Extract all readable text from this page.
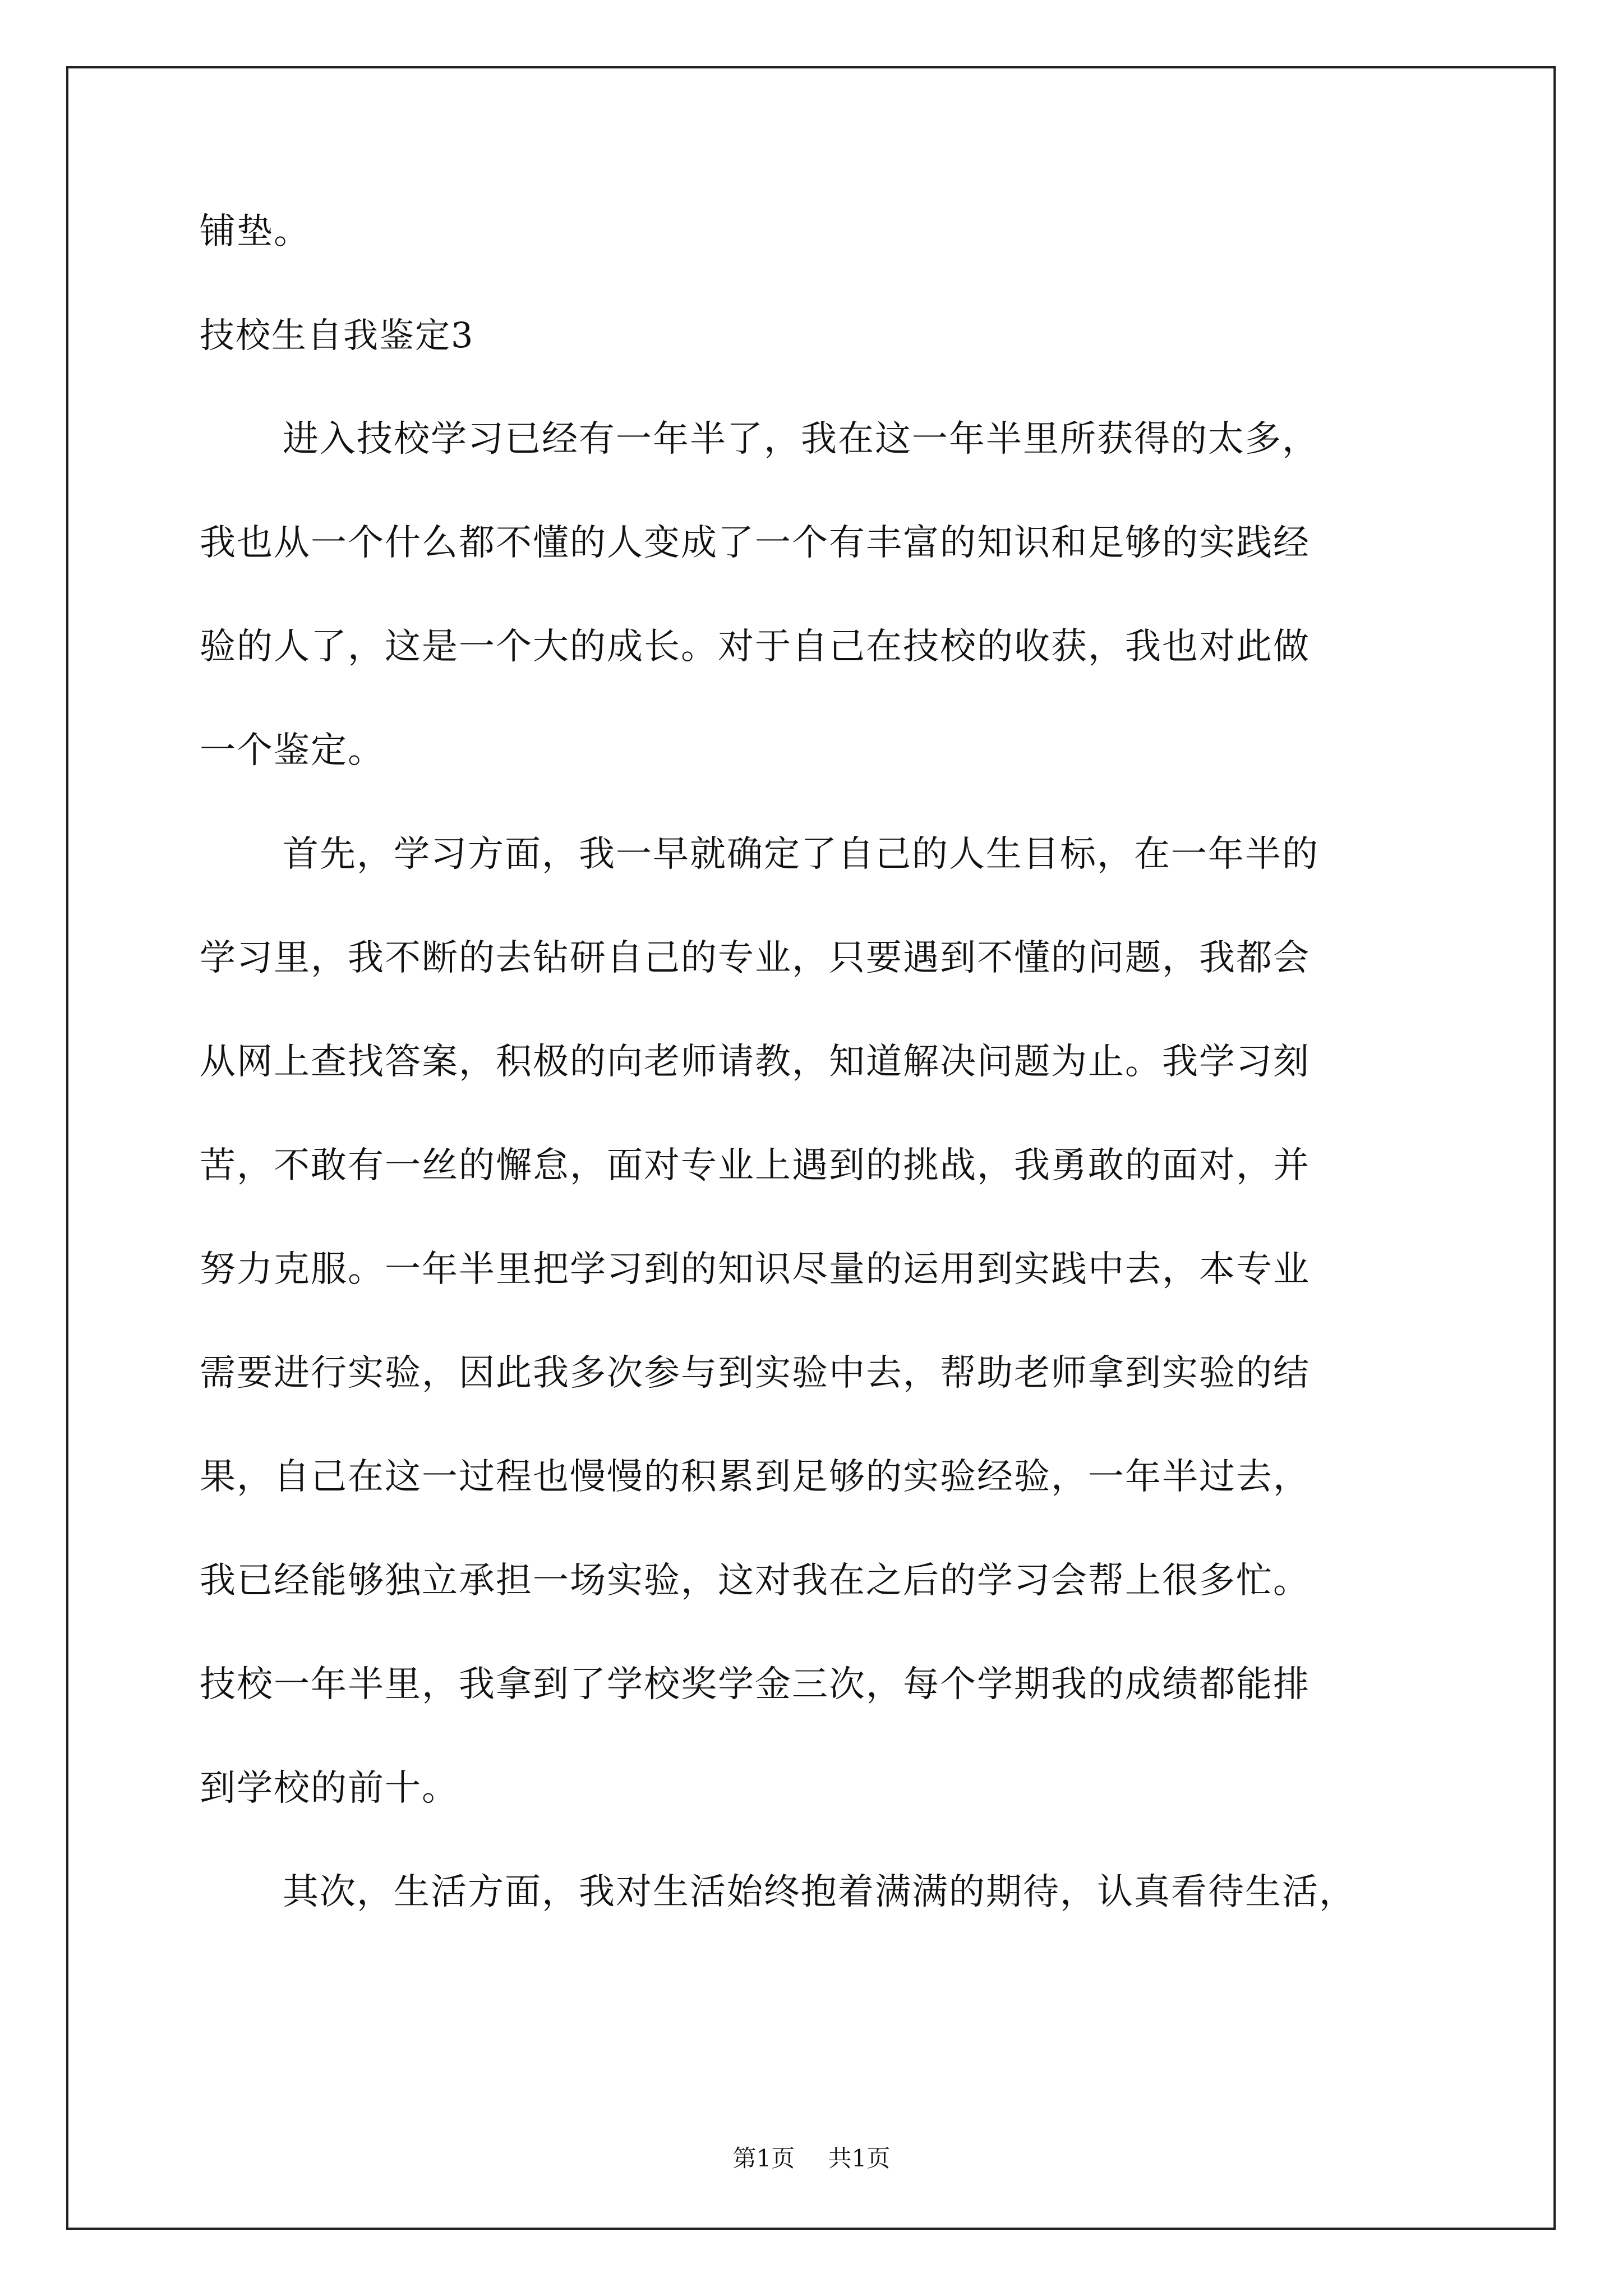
铺垫。
技校生自我鉴定3
进入技校学习已经有一年半了，我在这一年半里所获得的太多，
我也从一个什么都不懂的人变成了一个有丰富的知识和足够的实践经
验的人了，这是一个大的成长。对于自己在技校的收获，我也对此做
一个鉴定。
首先，学习方面，我一早就确定了自己的人生目标，在一年半的
学习里，我不断的去钻研自己的专业，只要遇到不懂的问题，我都会
从网上查找答案，积极的向老师请教，知道解决问题为止。我学习刻
苦，不敢有一丝的懈怠，面对专业上遇到的挑战，我勇敢的面对，并
努力克服。一年半里把学习到的知识尽量的运用到实践中去，本专业
需要进行实验，因此我多次参与到实验中去，帮助老师拿到实验的结
果，自己在这一过程也慢慢的积累到足够的实验经验，一年半过去，
我已经能够独立承担一场实验，这对我在之后的学习会帮上很多忙。
技校一年半里，我拿到了学校奖学金三次，每个学期我的成绩都能排
到学校的前十。
其次，生活方面，我对生活始终抱着满满的期待，认真看待生活，
第1页 共1页
